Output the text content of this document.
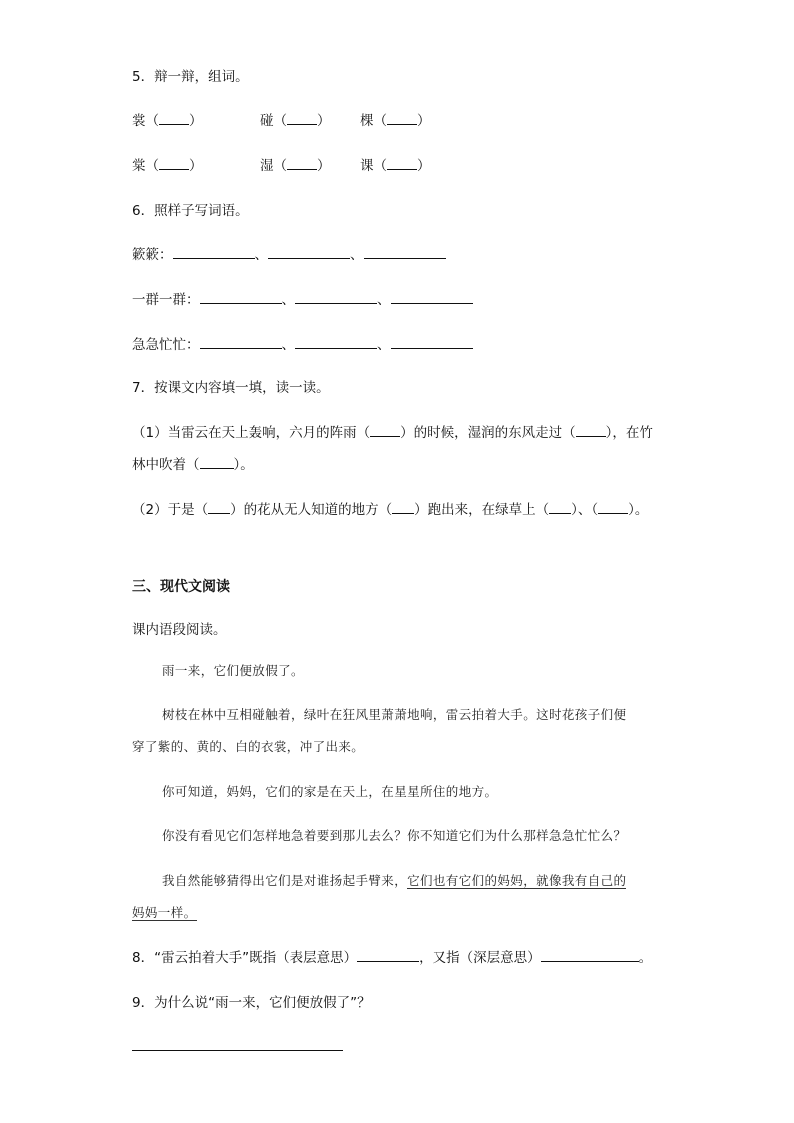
5．辩一辩，组词。
裳（ ）	碰（ ） 棵（ ）
棠（ ）	湿（ ） 课（ ）
6．照样子写词语。
簌簌：	、	、
一群一群：	、	、
急急忙忙：	、	、
7．按课文内容填一填，读一读。
（1）当雷云在天上轰响，六月的阵雨（ ）的时候，湿润的东风走过（ ），在竹
林中吹着（	）。
（2）于是（ ）的花从无人知道的地方（ ）跑出来，在绿草上（ ）、（ ）。
三、现代文阅读
课内语段阅读。
雨一来，它们便放假了。
树枝在林中互相碰触着，绿叶在狂风里萧萧地响，雷云拍着大手。这时花孩子们便
穿了紫的、黄的、白的衣裳，冲了出来。
你可知道，妈妈，它们的家是在天上，在星星所住的地方。
你没有看见它们怎样地急着要到那儿去么？你不知道它们为什么那样急急忙忙么？
我自然能够猜得出它们是对谁扬起手臂来，它们也有它们的妈妈，就像我有自己的
妈妈一样。
8．“雷云拍着大手”既指（表层意思）	，又指（深层意思）	。
9．为什么说“雨一来，它们便放假了”？
